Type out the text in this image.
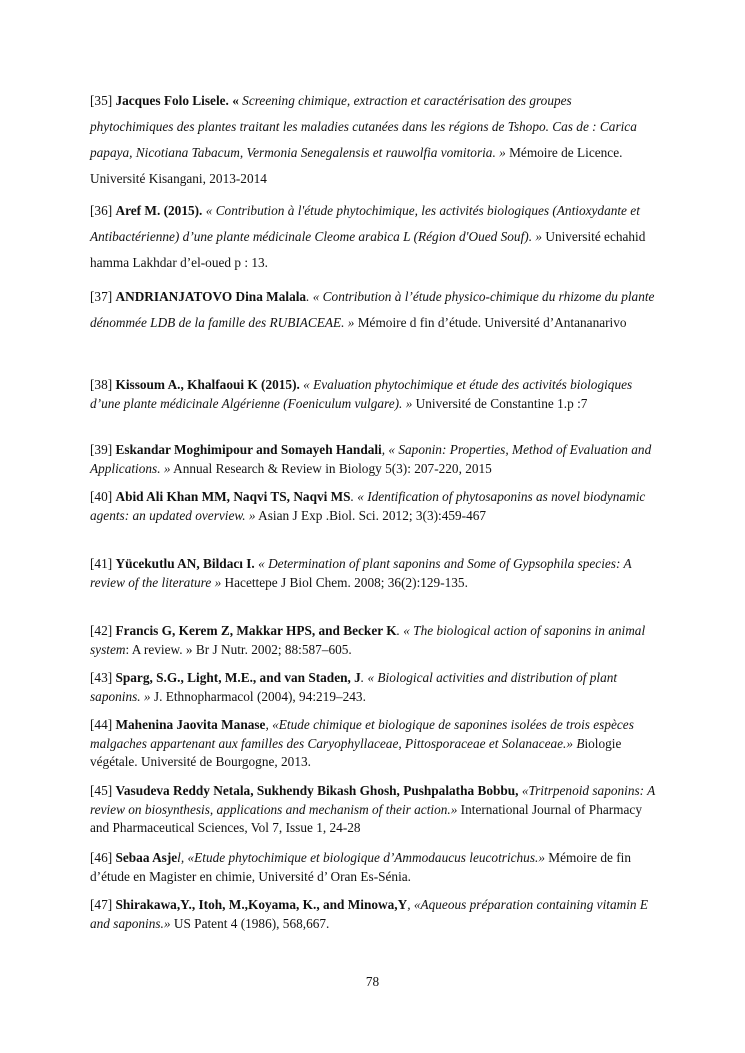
[35] Jacques Folo Lisele. « Screening chimique, extraction et caractérisation des groupes phytochimiques des plantes traitant les maladies cutanées dans les régions de Tshopo. Cas de : Carica papaya, Nicotiana Tabacum, Vermonia Senegalensis et rauwolfia vomitoria. » Mémoire de Licence. Université Kisangani, 2013-2014

[36] Aref M. (2015). « Contribution à l'étude phytochimique, les activités biologiques (Antioxydante et Antibactérienne) d’une plante médicinale Cleome arabica L (Région d'Oued Souf). » Université echahid hamma Lakhdar d’el-oued p : 13.

[37] ANDRIANJATOVO Dina Malala. « Contribution à l’étude physico-chimique du rhizome du plante dénommée LDB de la famille des RUBIACEAE. » Mémoire d fin d’étude. Université d’Antananarivo

[38] Kissoum A., Khalfaoui K (2015). « Evaluation phytochimique et étude des activités biologiques d’une plante médicinale Algérienne (Foeniculum vulgare). » Université de Constantine 1.p :7

[39] Eskandar Moghimipour and Somayeh Handali, « Saponin: Properties, Method of Evaluation and Applications. » Annual Research & Review in Biology 5(3): 207-220, 2015

[40] Abid Ali Khan MM, Naqvi TS, Naqvi MS. « Identification of phytosaponins as novel biodynamic agents: an updated overview. » Asian J Exp .Biol. Sci. 2012; 3(3):459-467

[41] Yücekutlu AN, Bildacı I. « Determination of plant saponins and Some of Gypsophila species: A review of the literature » Hacettepe J Biol Chem. 2008; 36(2):129-135.

[42] Francis G, Kerem Z, Makkar HPS, and Becker K. « The biological action of saponins in animal system: A review. » Br J Nutr. 2002; 88:587–605.

[43] Sparg, S.G., Light, M.E., and van Staden, J. « Biological activities and distribution of plant saponins. » J. Ethnopharmacol (2004), 94:219–243.

[44] Mahenina Jaovita Manase, «Etude chimique et biologique de saponines isolées de trois espèces malgaches appartenant aux familles des Caryophyllaceae, Pittosporaceae et Solanaceae.» Biologie végétale. Université de Bourgogne, 2013.

[45] Vasudeva Reddy Netala, Sukhendy Bikash Ghosh, Pushpalatha Bobbu, «Tritrpenoid saponins: A review on biosynthesis, applications and mechanism of their action.» International Journal of Pharmacy and Pharmaceutical Sciences, Vol 7, Issue 1, 24-28

[46] Sebaa Asjel, «Etude phytochimique et biologique d’Ammodaucus leucotrichus.» Mémoire de fin d’étude en Magister en chimie, Université d’ Oran Es-Sénia.

[47] Shirakawa,Y., Itoh, M.,Koyama, K., and Minowa,Y, «Aqueous préparation containing vitamin E and saponins.» US Patent 4 (1986), 568,667.

78
